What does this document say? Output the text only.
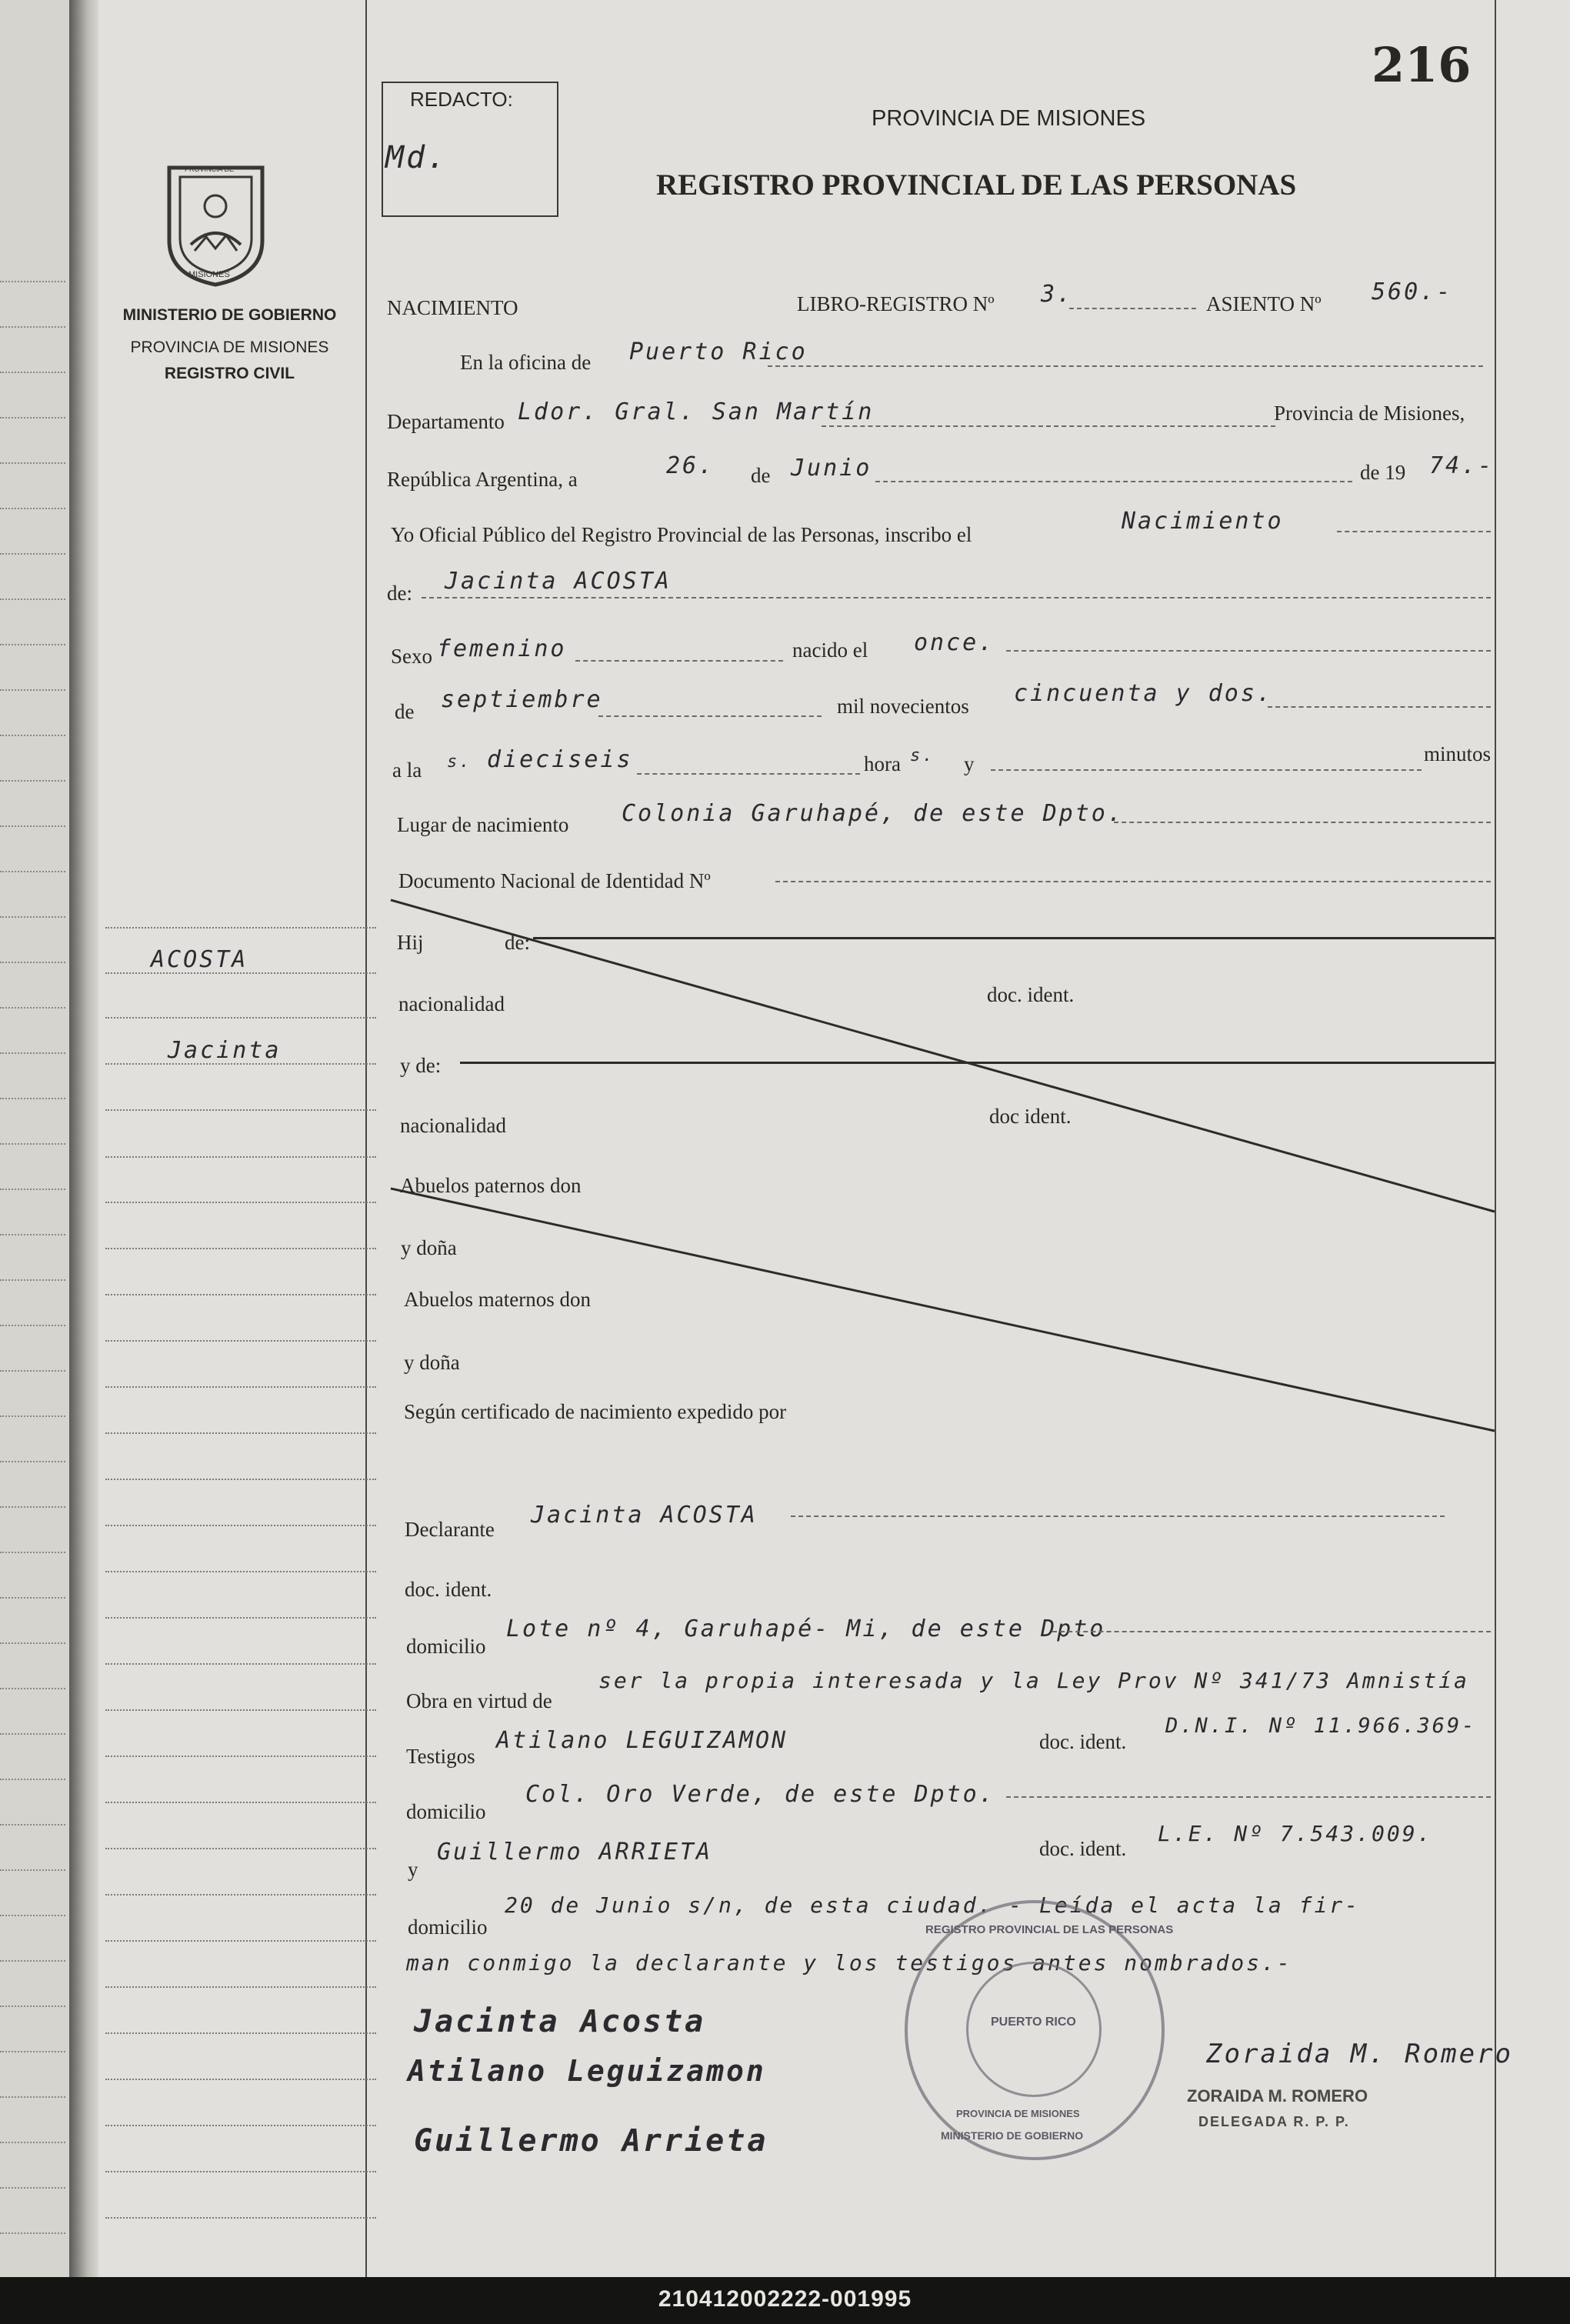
216
PROVINCIA DE
MISIONES
MINISTERIO DE GOBIERNO
PROVINCIA DE MISIONES
REGISTRO CIVIL
REDACTO:
Md.
PROVINCIA DE MISIONES
REGISTRO PROVINCIAL DE LAS PERSONAS
ACOSTA
Jacinta
NACIMIENTO	LIBRO-REGISTRO Nº 3.	ASIENTO Nº 560.-
En la oficina de Puerto Rico
Departamento Ldor. Gral. San Martín	Provincia de Misiones,
República Argentina, a	26. de Junio	de 19 74.-
Yo Oficial Público del Registro Provincial de las Personas, inscribo el	Nacimiento
de: Jacinta ACOSTA
Sexo femenino	nacido el once.
de septiembre	mil novecientos cincuenta y dos.
a la s. dieciseis	hora s. y	minutos
Lugar de nacimiento Colonia Garuhapé, de este Dpto.
Documento Nacional de Identidad Nº
Hij	de:
nacionalidad	doc. ident.
y de:
nacionalidad	doc ident.
Abuelos paternos don
y doña
Abuelos maternos don
y doña
Según certificado de nacimiento expedido por
Declarante
Jacinta ACOSTA
doc. ident.
domicilio
Lote nº 4, Garuhapé- Mi, de este Dpto
Obra en virtud de
ser la propia interesada y la Ley Prov Nº 341/73 Amnistía
Testigos
Atilano LEGUIZAMON	doc. ident.
D.N.I. Nº 11.966.369-
domicilio
Col. Oro Verde, de este Dpto.
y
Guillermo ARRIETA	doc. ident.
L.E. Nº 7.543.009.
domicilio
20 de Junio s/n, de esta ciudad. - Leída el acta la fir-
man conmigo la declarante y los testigos antes nombrados.-
REGISTRO PROVINCIAL DE LAS PERSONAS
PUERTO RICO
PROVINCIA DE MISIONES
MINISTERIO DE GOBIERNO
Jacinta Acosta
Atilano Leguizamon
Guillermo Arrieta
Zoraida M. Romero
ZORAIDA M. ROMERO
DELEGADA R. P. P.
210412002222-001995
